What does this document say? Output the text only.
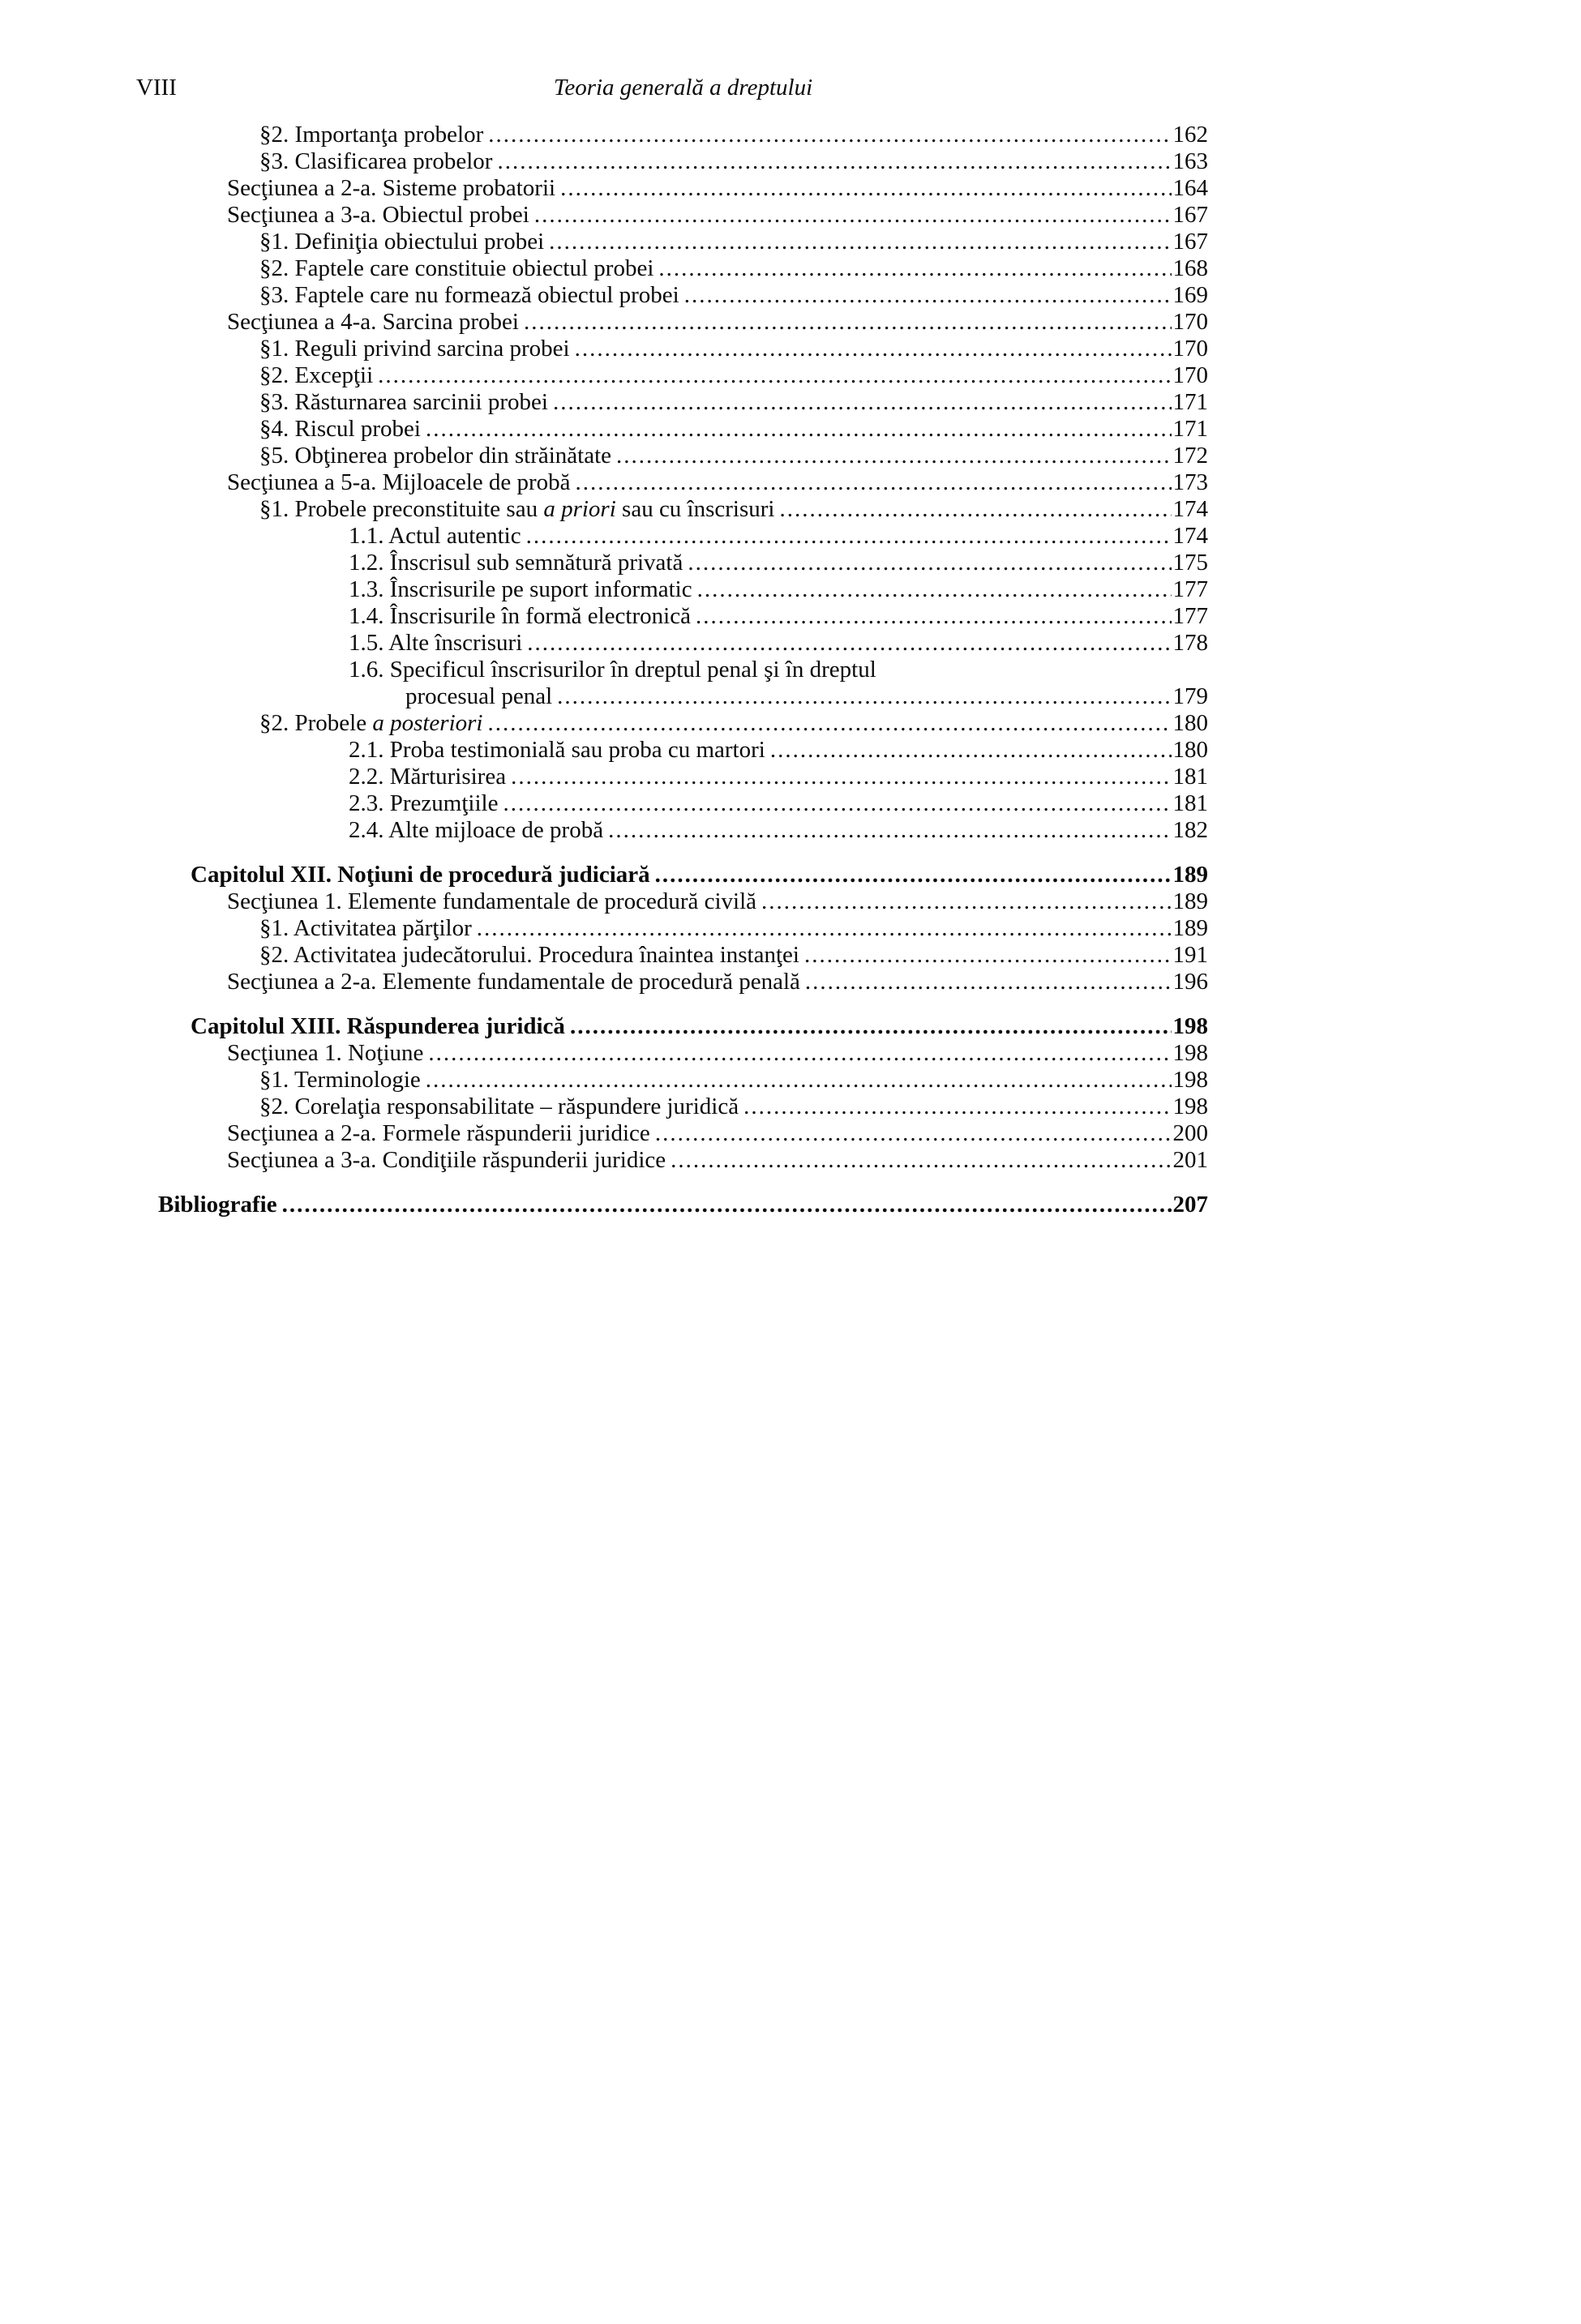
VIII	Teoria generală a dreptului
§2. Importanţa probelor .....	162
§3. Clasificarea probelor .....	163
Secţiunea a 2-a. Sisteme probatorii .....	164
Secţiunea a 3-a. Obiectul probei .....	167
§1. Definiţia obiectului probei .....	167
§2. Faptele care constituie obiectul probei .....	168
§3. Faptele care nu formează obiectul probei .....	169
Secţiunea a 4-a. Sarcina probei .....	170
§1. Reguli privind sarcina probei .....	170
§2. Excepţii .....	170
§3. Răsturnarea sarcinii probei .....	171
§4. Riscul probei .....	171
§5. Obţinerea probelor din străinătate .....	172
Secţiunea a 5-a. Mijloacele de probă .....	173
§1. Probele preconstituite sau a priori sau cu înscrisuri .....	174
1.1. Actul autentic .....	174
1.2. Înscrisul sub semnătură privată .....	175
1.3. Înscrisurile pe suport informatic .....	177
1.4. Înscrisurile în formă electronică .....	177
1.5. Alte înscrisuri .....	178
1.6. Specificul înscrisurilor în dreptul penal şi în dreptul
procesual penal .....	179
§2. Probele a posteriori .....	180
2.1. Proba testimonială sau proba cu martori .....	180
2.2. Mărturisirea .....	181
2.3. Prezumţiile .....	181
2.4. Alte mijloace de probă .....	182
Capitolul XII. Noţiuni de procedură judiciară .....	189
Secţiunea 1. Elemente fundamentale de procedură civilă .....	189
§1. Activitatea părţilor .....	189
§2. Activitatea judecătorului. Procedura înaintea instanţei .....	191
Secţiunea a 2-a. Elemente fundamentale de procedură penală .....	196
Capitolul XIII. Răspunderea juridică .....	198
Secţiunea 1. Noţiune .....	198
§1. Terminologie .....	198
§2. Corelaţia responsabilitate – răspundere juridică .....	198
Secţiunea a 2-a. Formele răspunderii juridice .....	200
Secţiunea a 3-a. Condiţiile răspunderii juridice .....	201
Bibliografie .....	207
